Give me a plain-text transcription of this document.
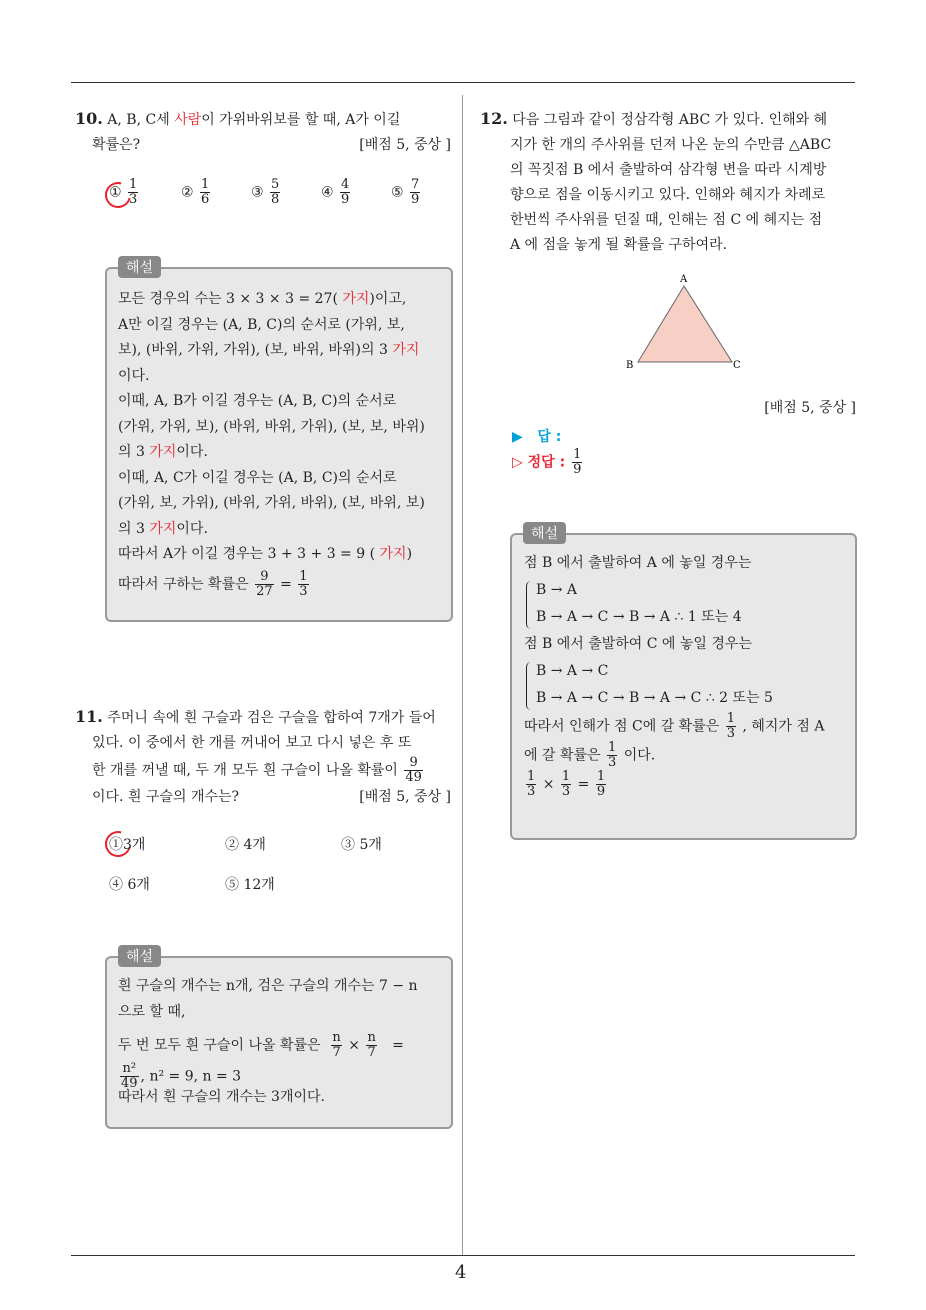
4
10. A, B, C세 사람이 가위바위보를 할 때, A가 이길
확률은?	[배점 5, 중상 ]
① $\frac{1}{3}$	② $\frac{1}{6}$	③ $\frac{5}{8}$	④ $\frac{4}{9}$	⑤ $\frac{7}{9}$
해설
모든 경우의 수는 3 × 3 × 3 = 27( 가지)이고,
A만 이길 경우는 (A, B, C)의 순서로 (가위, 보,
보), (바위, 가위, 가위), (보, 바위, 바위)의 3 가지
이다.
이때, A, B가 이길 경우는 (A, B, C)의 순서로
(가위, 가위, 보), (바위, 바위, 가위), (보, 보, 바위)
의 3 가지이다.
이때, A, C가 이길 경우는 (A, B, C)의 순서로
(가위, 보, 가위), (바위, 가위, 바위), (보, 바위, 보)
의 3 가지이다.
따라서 A가 이길 경우는 3 + 3 + 3 = 9 ( 가지)
따라서 구하는 확률은 $\frac{9}{27} = \frac{1}{3}$
11. 주머니 속에 흰 구슬과 검은 구슬을 합하여 7개가 들어
있다. 이 중에서 한 개를 꺼내어 보고 다시 넣은 후 또
한 개를 꺼낼 때, 두 개 모두 흰 구슬이 나올 확률이 $\frac{9}{49}$
이다. 흰 구슬의 개수는?	[배점 5, 중상 ]
①3개	② 4개	③ 5개
④ 6개	⑤ 12개
해설
흰 구슬의 개수는 n개, 검은 구슬의 개수는 7 − n
으로 할 때,
두 번 모두 흰 구슬이 나올 확률은 $\frac{n}{7} \times \frac{n}{7}$ =
$\frac{\text{n²}}{49}$ , n² = 9, n = 3
따라서 흰 구슬의 개수는 3개이다.
12. 다음 그림과 같이 정삼각형 ABC 가 있다. 인해와 혜
지가 한 개의 주사위를 던져 나온 눈의 수만큼 △ABC
의 꼭짓점 B 에서 출발하여 삼각형 변을 따라 시계방
향으로 점을 이동시키고 있다. 인해와 혜지가 차례로
한번씩 주사위를 던질 때, 인해는 점 C 에 혜지는 점
A 에 점을 놓게 될 확률을 구하여라.
A
B	C
[배점 5, 중상 ]
▶ 답 :
▷ 정답 : $\frac{1}{9}$
해설
점 B 에서 출발하여 A 에 놓일 경우는
B → A
B → A → C → B → A ∴ 1 또는 4
점 B 에서 출발하여 C 에 놓일 경우는
B → A → C
B → A → C → B → A → C ∴ 2 또는 5
따라서 인해가 점 C에 갈 확률은 $\frac{1}{3}$ , 혜지가 점 A
에 갈 확률은 $\frac{1}{3}$ 이다.
$\frac{1}{3} \times \frac{1}{3} = \frac{1}{9}$
